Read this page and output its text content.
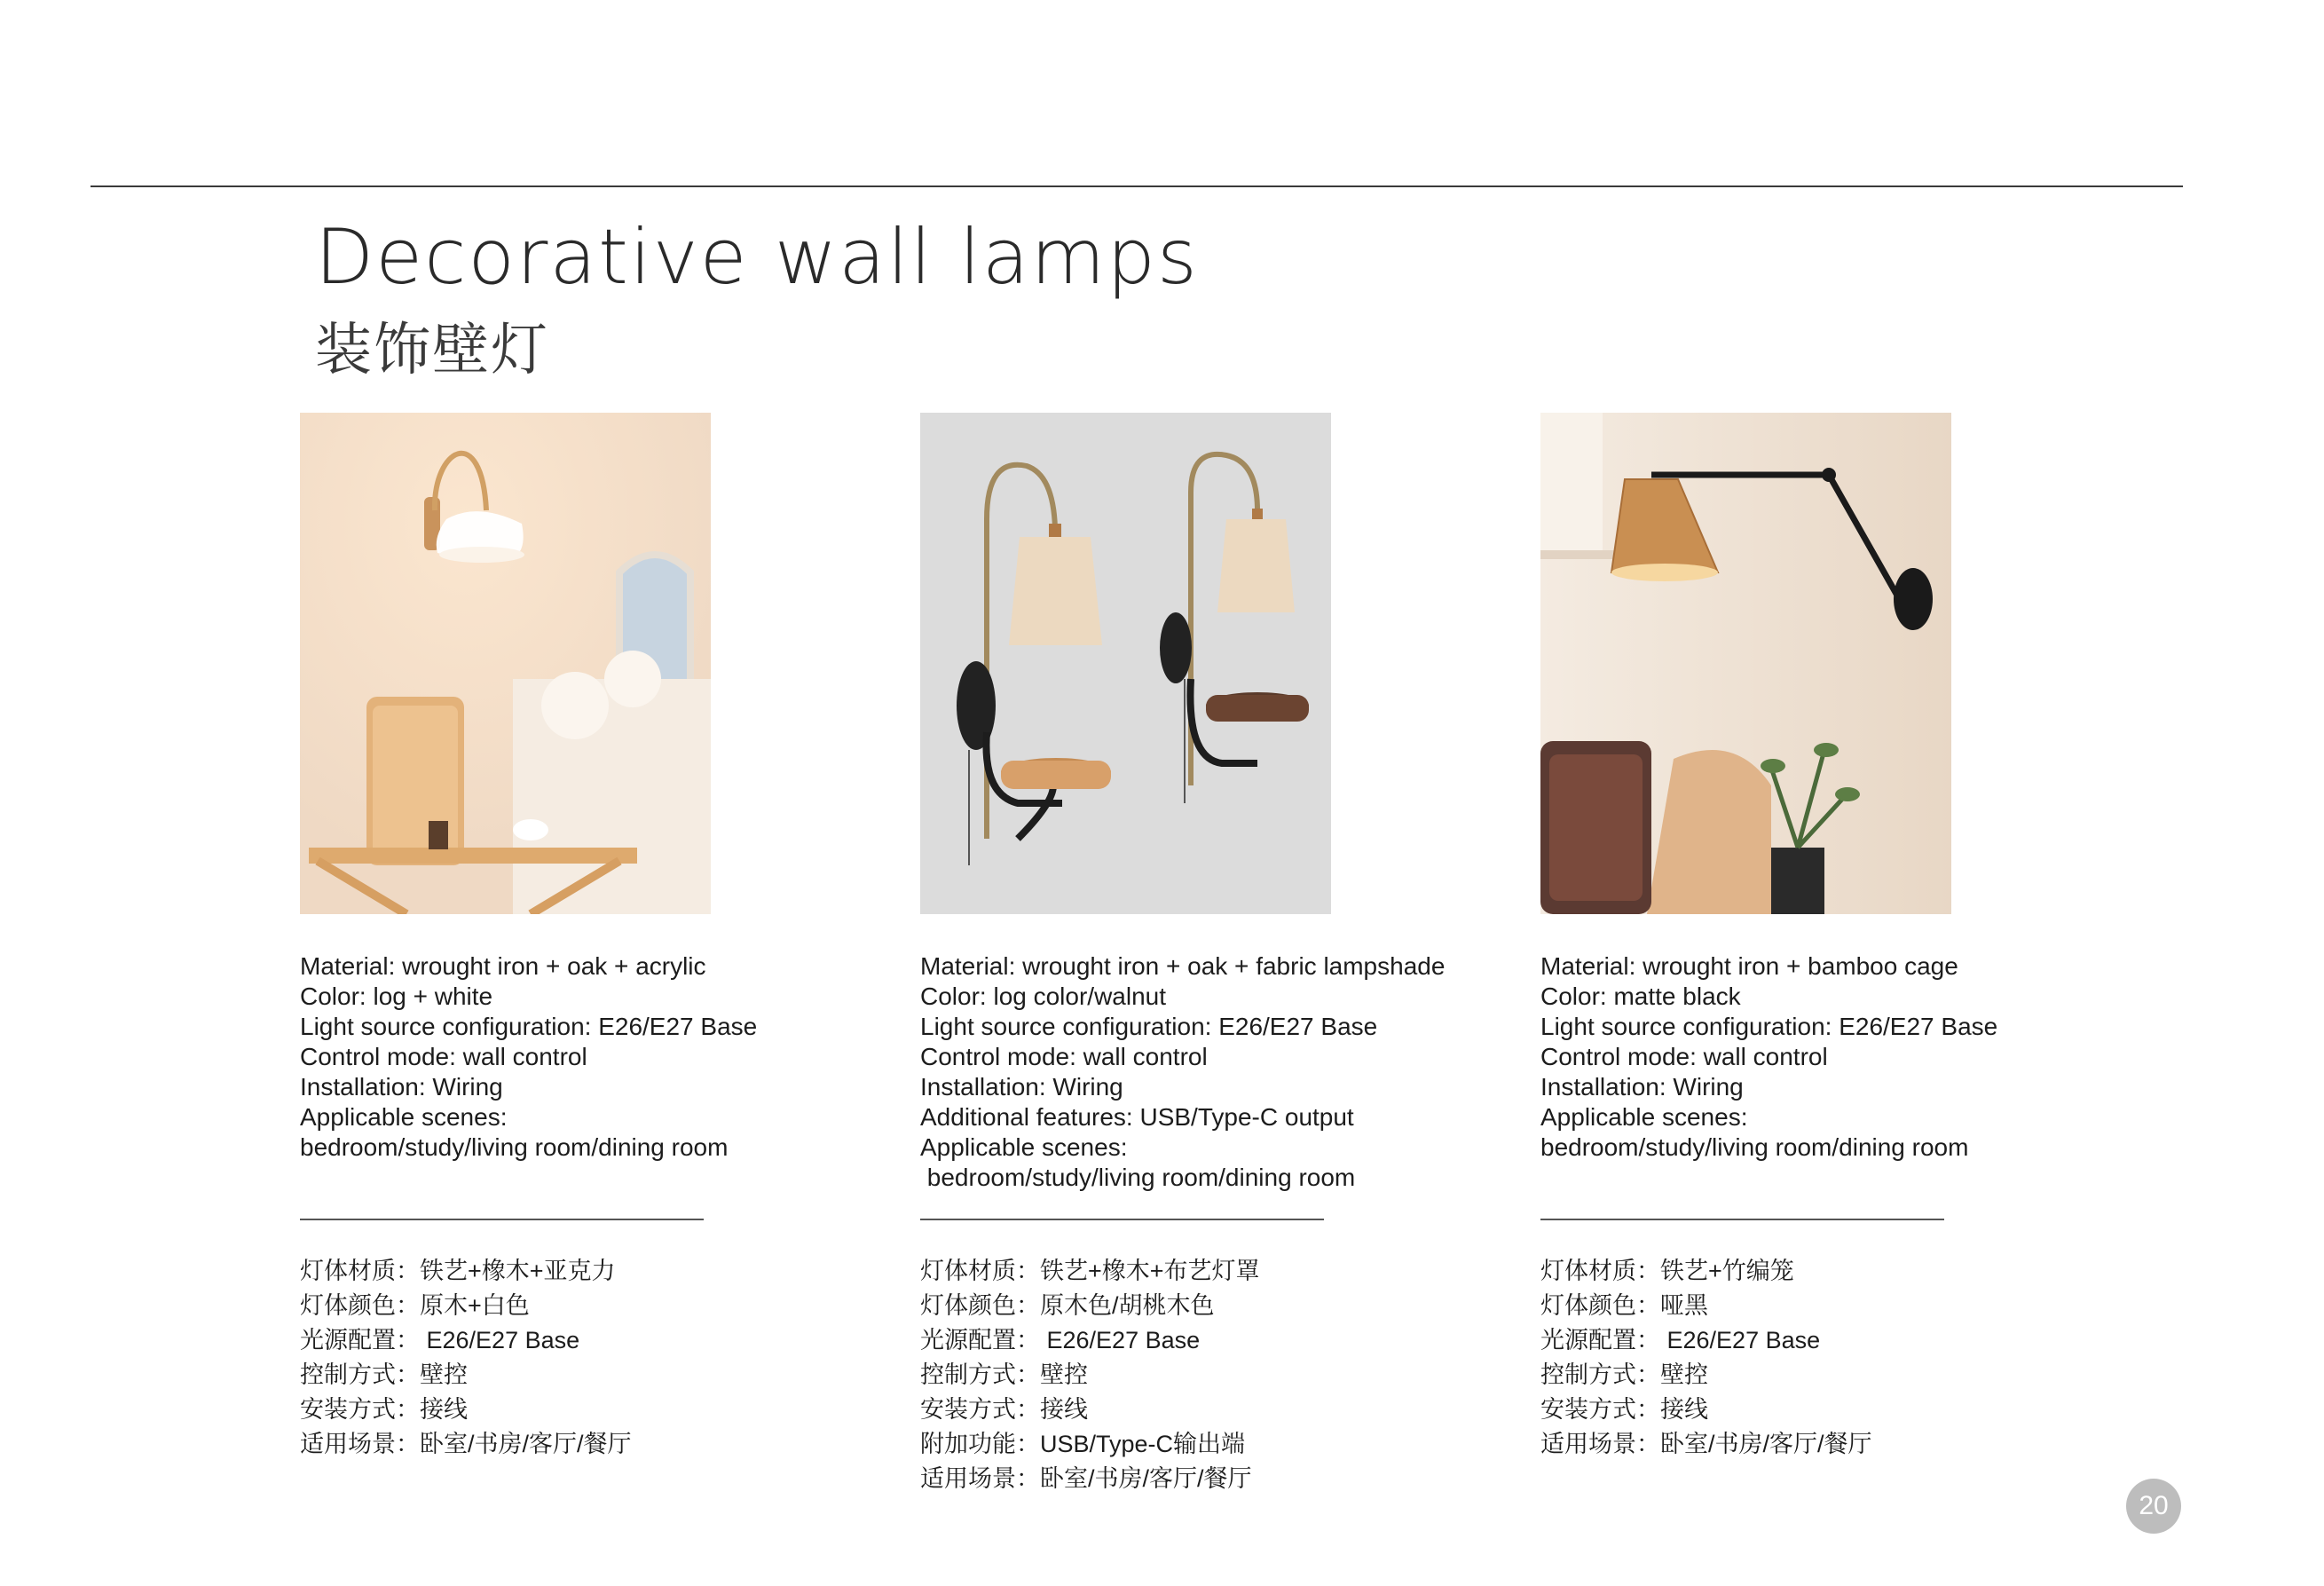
Decorative wall lamps
装饰壁灯
Material: wrought iron + oak + acrylic
Color: log + white
Light source configuration: E26/E27 Base
Control mode: wall control
Installation: Wiring
Applicable scenes:
bedroom/study/living room/dining room
灯体材质：铁艺+橡木+亚克力
灯体颜色：原木+白色
光源配置： E26/E27 Base
控制方式：壁控
安装方式：接线
适用场景：卧室/书房/客厅/餐厅
Material: wrought iron + oak + fabric lampshade
Color: log color/walnut
Light source configuration: E26/E27 Base
Control mode: wall control
Installation: Wiring
Additional features: USB/Type-C output
Applicable scenes:
bedroom/study/living room/dining room
灯体材质：铁艺+橡木+布艺灯罩
灯体颜色：原木色/胡桃木色
光源配置： E26/E27 Base
控制方式：壁控
安装方式：接线
附加功能：USB/Type-C输出端
适用场景：卧室/书房/客厅/餐厅
Material: wrought iron + bamboo cage
Color: matte black
Light source configuration: E26/E27 Base
Control mode: wall control
Installation: Wiring
Applicable scenes:
bedroom/study/living room/dining room
灯体材质：铁艺+竹编笼
灯体颜色：哑黑
光源配置： E26/E27 Base
控制方式：壁控
安装方式：接线
适用场景：卧室/书房/客厅/餐厅
20
